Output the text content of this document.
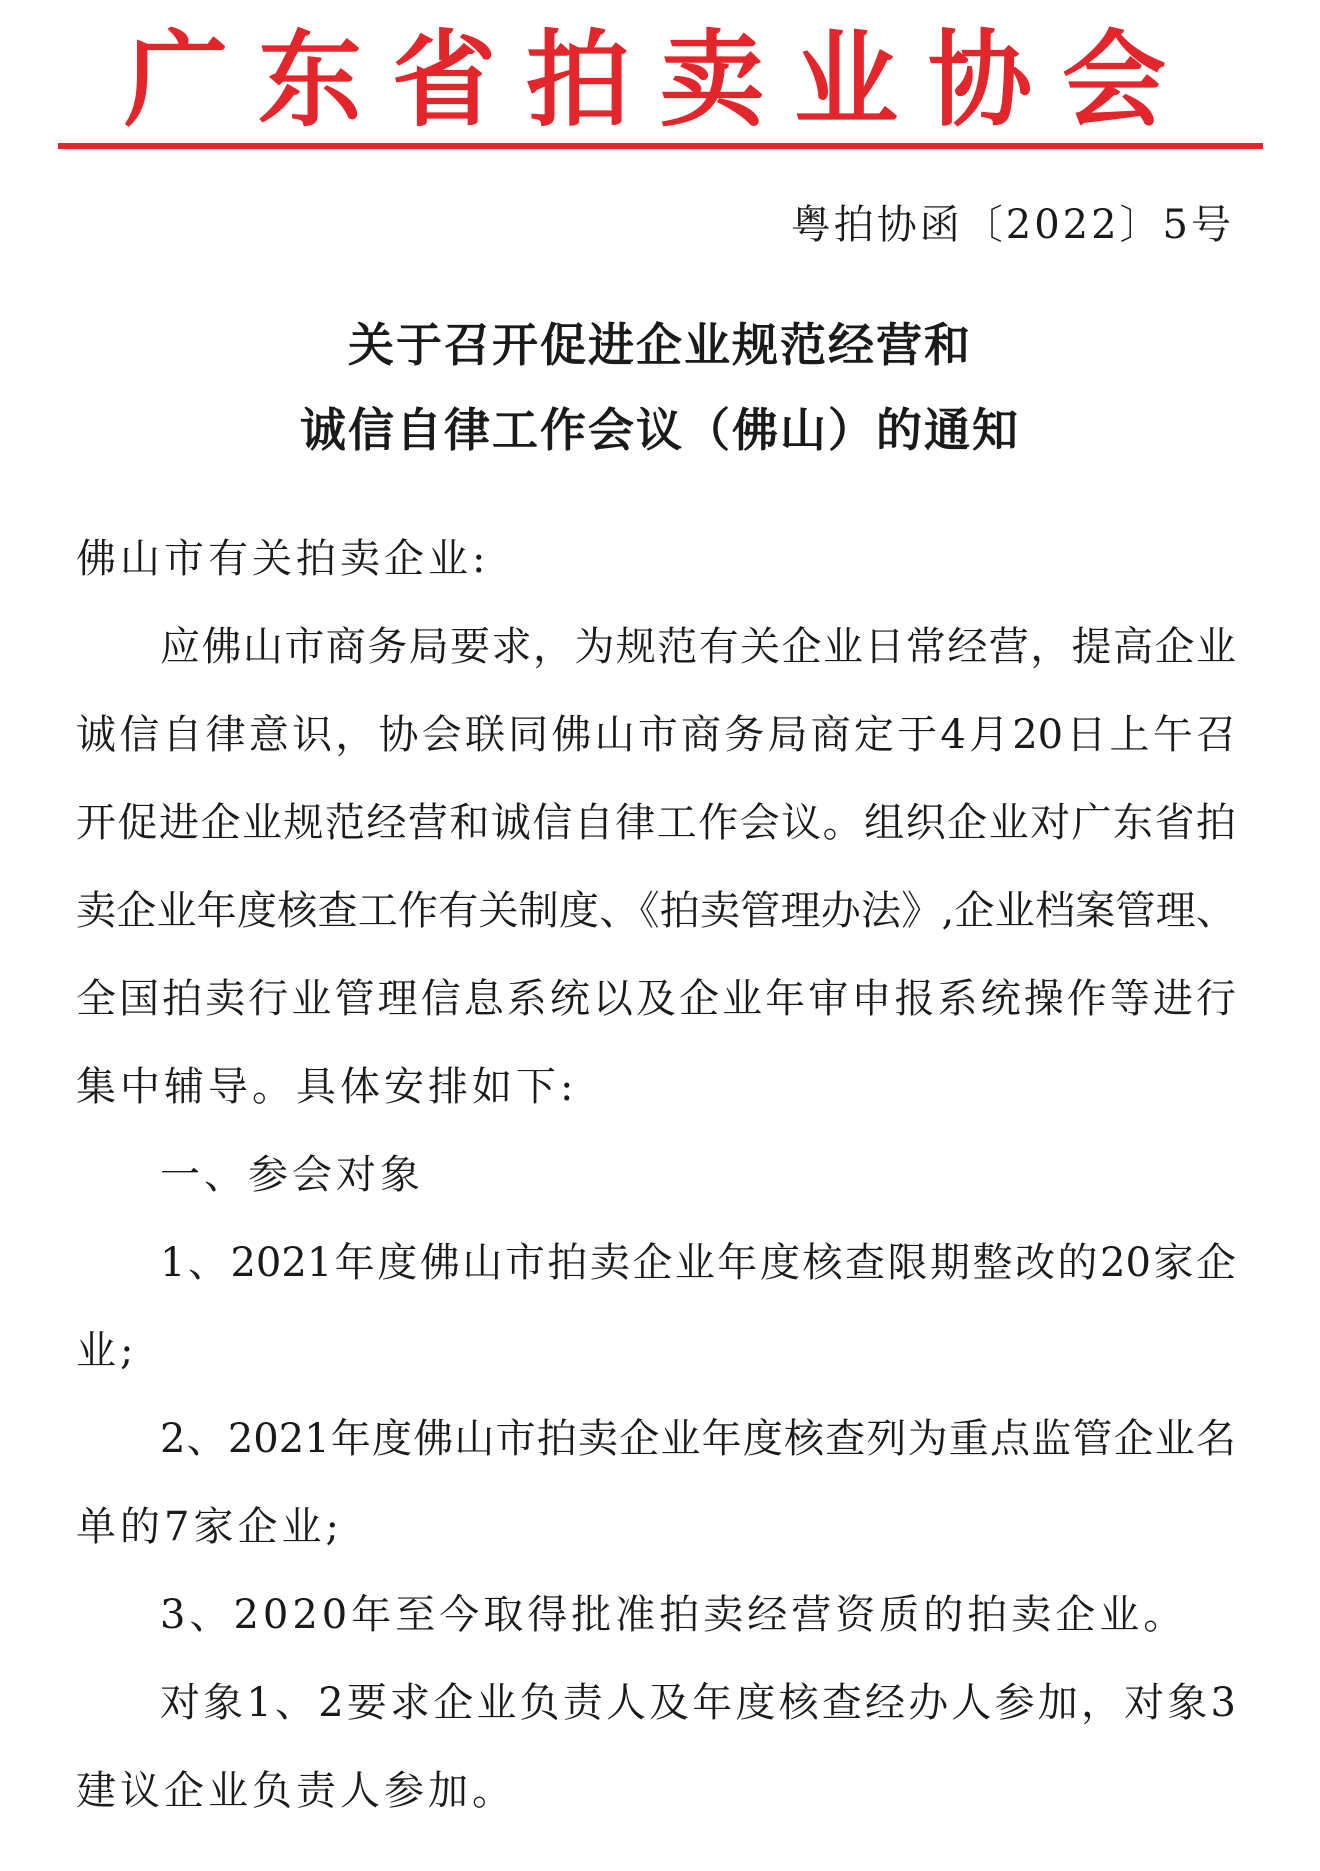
广东省拍卖业协会
粤拍协函〔2022〕5号
关于召开促进企业规范经营和
诚信自律工作会议（佛山）的通知
佛山市有关拍卖企业:
应佛山市商务局要求，为规范有关企业日常经营，提高企业
诚信自律意识，协会联同佛山市商务局商定于4月20日上午召
开促进企业规范经营和诚信自律工作会议。组织企业对广东省拍
卖企业年度核查工作有关制度、《拍卖管理办法》,企业档案管理、
全国拍卖行业管理信息系统以及企业年审申报系统操作等进行
集中辅导。具体安排如下:
一、参会对象
1、2021年度佛山市拍卖企业年度核查限期整改的20家企
业;
2、2021年度佛山市拍卖企业年度核查列为重点监管企业名
单的7家企业;
3、2020年至今取得批准拍卖经营资质的拍卖企业。
对象1、2要求企业负责人及年度核查经办人参加，对象3
建议企业负责人参加。
